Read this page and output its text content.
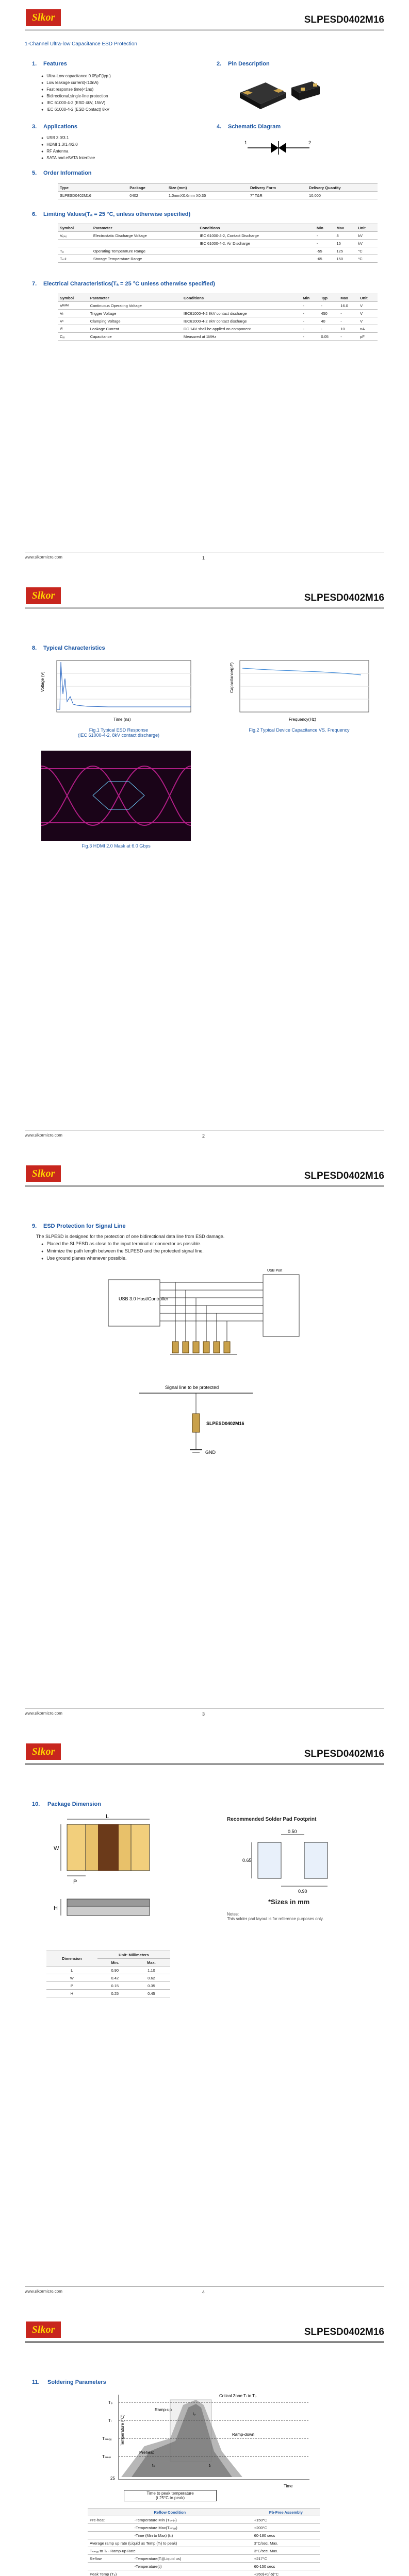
Slkor	SLPESD0402M16
1-Channel Ultra-low Capacitance ESD Protection
1. Features
● Ultra-Low capacitance 0.05pF(typ.)
● Low leakage current(<10nA)
● Fast response time(<1ns)
● Bidirectional,single-line protection
● IEC 61000-4-2 (ESD 4kV, 15kV)
● IEC 61000-4-2 (ESD Contact) 8kV
2. Pin Description
3. Applications
● USB 3.0/3.1
● HDMI 1.3/1.4/2.0
● RF Antenna
● SATA and eSATA Interface
4. Schematic Diagram
1	2
5. Order Information
Type	Package	Size (mm)	Delivery Form	Delivery Quantity
SLPESD0402M16	0402	1.0mmX0.6mm X0.35	7" T&R	10,000
6. Limiting Values(Tₐ = 25 °C, unless otherwise specified)
Symbol	Parameter	Conditions	Min	Max	Unit
Vₑₛₑ	Electrostatic Discharge Voltage	IEC 61000-4-2, Contact Discharge	-	8	kV
		IEC 61000-4-2, Air Discharge	-	15	kV
Tₐ	Operating Temperature Range		-55	125	°C
Tₛₜᵍ	Storage Temperature Range		-65	150	°C
7. Electrical Characteristics(Tₐ = 25 °C unless otherwise specified)
Symbol	Parameter	Conditions	Min	Typ	Max	Unit
Vᴿᵂᴹ	Continuous Operating Voltage		-	-	16.0	V
Vₜ	Trigger Voltage	IEC61000-4-2 8kV contact discharge	-	450	-	V
Vᶜ	Clamping Voltage	IEC61000-4-2 8kV contact discharge	-	40	-	V
Iᴿ	Leakage Current	DC 14V shall be applied on component	-	-	10	nA
Cᵢₒ	Capacitance	Measured at 1MHz	-	0.05	-	pF
www.slkormicro.com	1
Slkor	SLPESD0402M16
8. Typical Characteristics
Voltage (V)
Time (ns)
Fig.1 Typical ESD Response
(IEC 61000-4-2, 8kV contact discharge)
Capacitance(pF)
Frequency(Hz)
Fig.2 Typical Device Capacitance VS. Frequency
Fig.3 HDMI 2.0 Mask at 6.0 Gbps
www.slkormicro.com	2
Slkor	SLPESD0402M16
9. ESD Protection for Signal Line
The SLPESD is designed for the protection of one bidirectional data line from ESD damage.
● Placed the SLPESD as close to the input terminal or connector as possible.
● Minimize the path length between the SLPESD and the protected signal line.
● Use ground planes whenever possible.
USB 3.0 Host/Controller
USB Port
Signal line to be protected
SLPESD0402M16
GND
www.slkormicro.com	3
Slkor	SLPESD0402M16
10. Package Dimension
L
W
P
H
Recommended Solder Pad Footprint
0.50
0.65
0.90
*Sizes in mm
Notes:
This solder pad layout is for reference purposes only.
Dimension	Unit: Millimeters	
	Min.	Max.
L	0.90	1.10
W	0.42	0.62
P	0.15	0.35
H	0.25	0.45
www.slkormicro.com	4
Slkor	SLPESD0402M16
11. Soldering Parameters
Temperature (°C)
Time
Ramp-up
Ramp-down
Preheat
Critical Zone Tₗ to Tₚ
Tₚ
Tₗ
Tₛₘₐₓ
Tₛₘᵢₙ
25
tₛ	tₗ
tₚ
Time to peak temperature
(t 25°C to peak)
Reflow Condition		Pb-Free Assembly
Pre-heat	-Temperature Min (Tₛₘᵢₙ)	+150°C
	-Temperature Max(Tₛₘₐₓ)	+200°C
	-Time (Min to Max) (tₛ)	60-180 secs
Average ramp up rate (Liquid us Temp (Tₗ) to peak)		3°C/sec. Max.
Tₛₘₐₓ to Tₗ - Ramp-up Rate		3°C/sec. Max.
Reflow	-Temperature(Tₗ)(Liquid us)	+217°C
	-Temperature(tₗ)	60-150 secs
Peak Temp (Tₚ)		+260(+0/-5)°C
